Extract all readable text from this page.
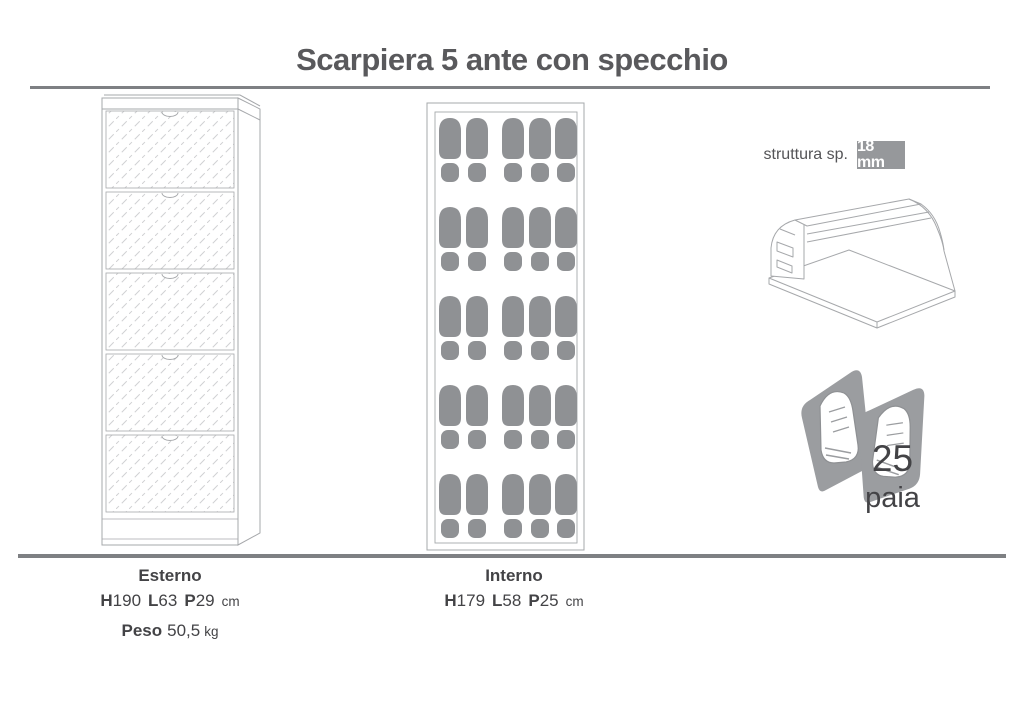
Scarpiera 5 ante con specchio
struttura sp. 18 mm
25
paia
Esterno
H190 L63 P29 cm
Peso 50,5 kg
Interno
H179 L58 P25 cm
